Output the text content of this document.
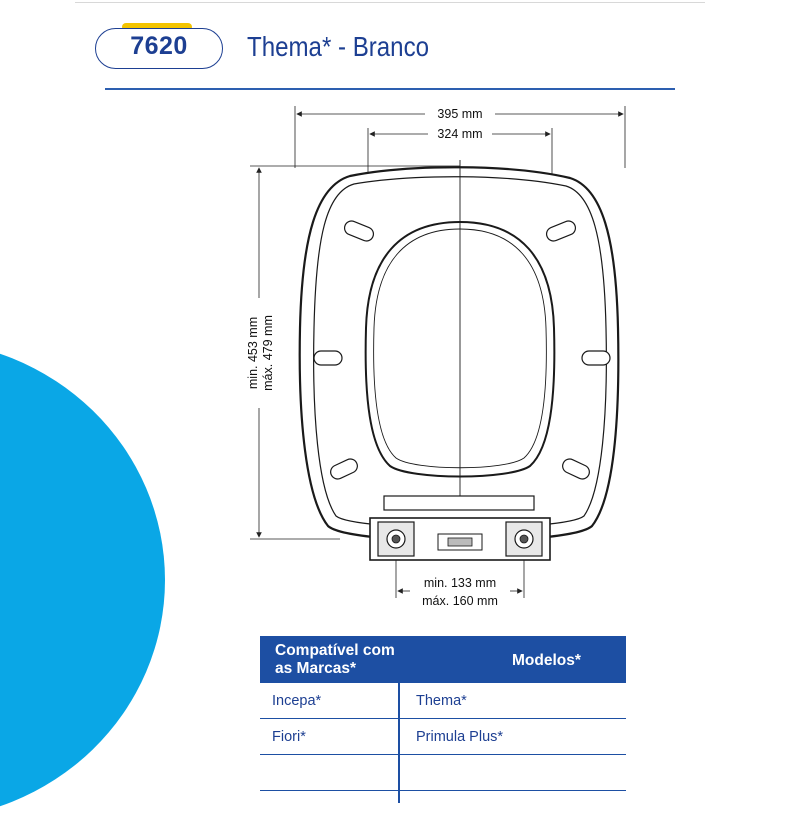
7620	Thema* - Branco
395 mm
324 mm
min. 453 mm máx. 479 mm
min. 133 mm
máx. 160 mm
Compatível com as Marcas*	Modelos*
Incepa*	Thema*
Fiori*	Primula Plus*
